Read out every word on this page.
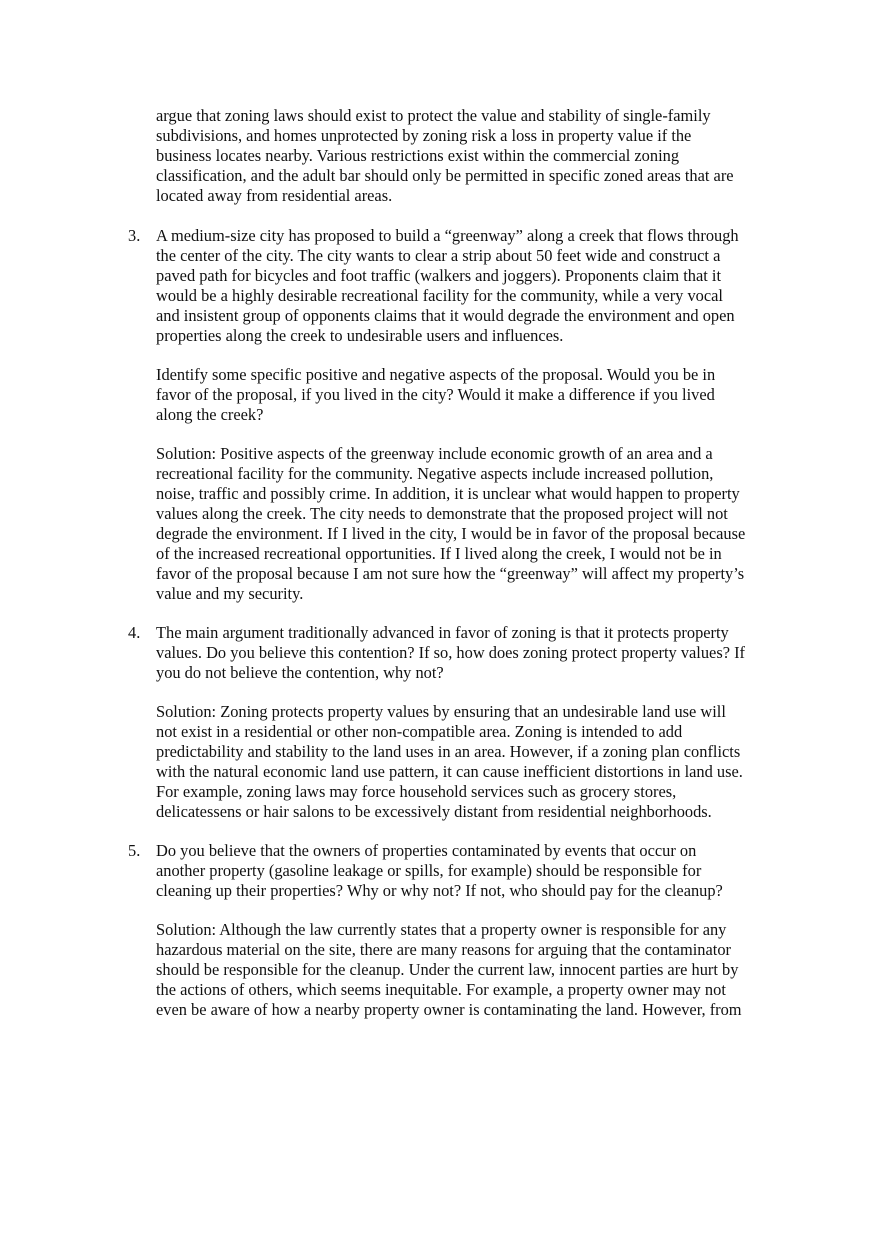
argue that zoning laws should exist to protect the value and stability of single-family
subdivisions, and homes unprotected by zoning risk a loss in property value if the
business locates nearby. Various restrictions exist within the commercial zoning
classification, and the adult bar should only be permitted in specific zoned areas that are
located away from residential areas.
3. A medium-size city has proposed to build a “greenway” along a creek that flows through
the center of the city. The city wants to clear a strip about 50 feet wide and construct a
paved path for bicycles and foot traffic (walkers and joggers). Proponents claim that it
would be a highly desirable recreational facility for the community, while a very vocal
and insistent group of opponents claims that it would degrade the environment and open
properties along the creek to undesirable users and influences.
Identify some specific positive and negative aspects of the proposal. Would you be in
favor of the proposal, if you lived in the city? Would it make a difference if you lived
along the creek?
Solution: Positive aspects of the greenway include economic growth of an area and a
recreational facility for the community. Negative aspects include increased pollution,
noise, traffic and possibly crime. In addition, it is unclear what would happen to property
values along the creek. The city needs to demonstrate that the proposed project will not
degrade the environment. If I lived in the city, I would be in favor of the proposal because
of the increased recreational opportunities. If I lived along the creek, I would not be in
favor of the proposal because I am not sure how the “greenway” will affect my property’s
value and my security.
4. The main argument traditionally advanced in favor of zoning is that it protects property
values. Do you believe this contention? If so, how does zoning protect property values? If
you do not believe the contention, why not?
Solution: Zoning protects property values by ensuring that an undesirable land use will
not exist in a residential or other non-compatible area. Zoning is intended to add
predictability and stability to the land uses in an area. However, if a zoning plan conflicts
with the natural economic land use pattern, it can cause inefficient distortions in land use.
For example, zoning laws may force household services such as grocery stores,
delicatessens or hair salons to be excessively distant from residential neighborhoods.
5. Do you believe that the owners of properties contaminated by events that occur on
another property (gasoline leakage or spills, for example) should be responsible for
cleaning up their properties? Why or why not? If not, who should pay for the cleanup?
Solution: Although the law currently states that a property owner is responsible for any
hazardous material on the site, there are many reasons for arguing that the contaminator
should be responsible for the cleanup. Under the current law, innocent parties are hurt by
the actions of others, which seems inequitable. For example, a property owner may not
even be aware of how a nearby property owner is contaminating the land. However, from
